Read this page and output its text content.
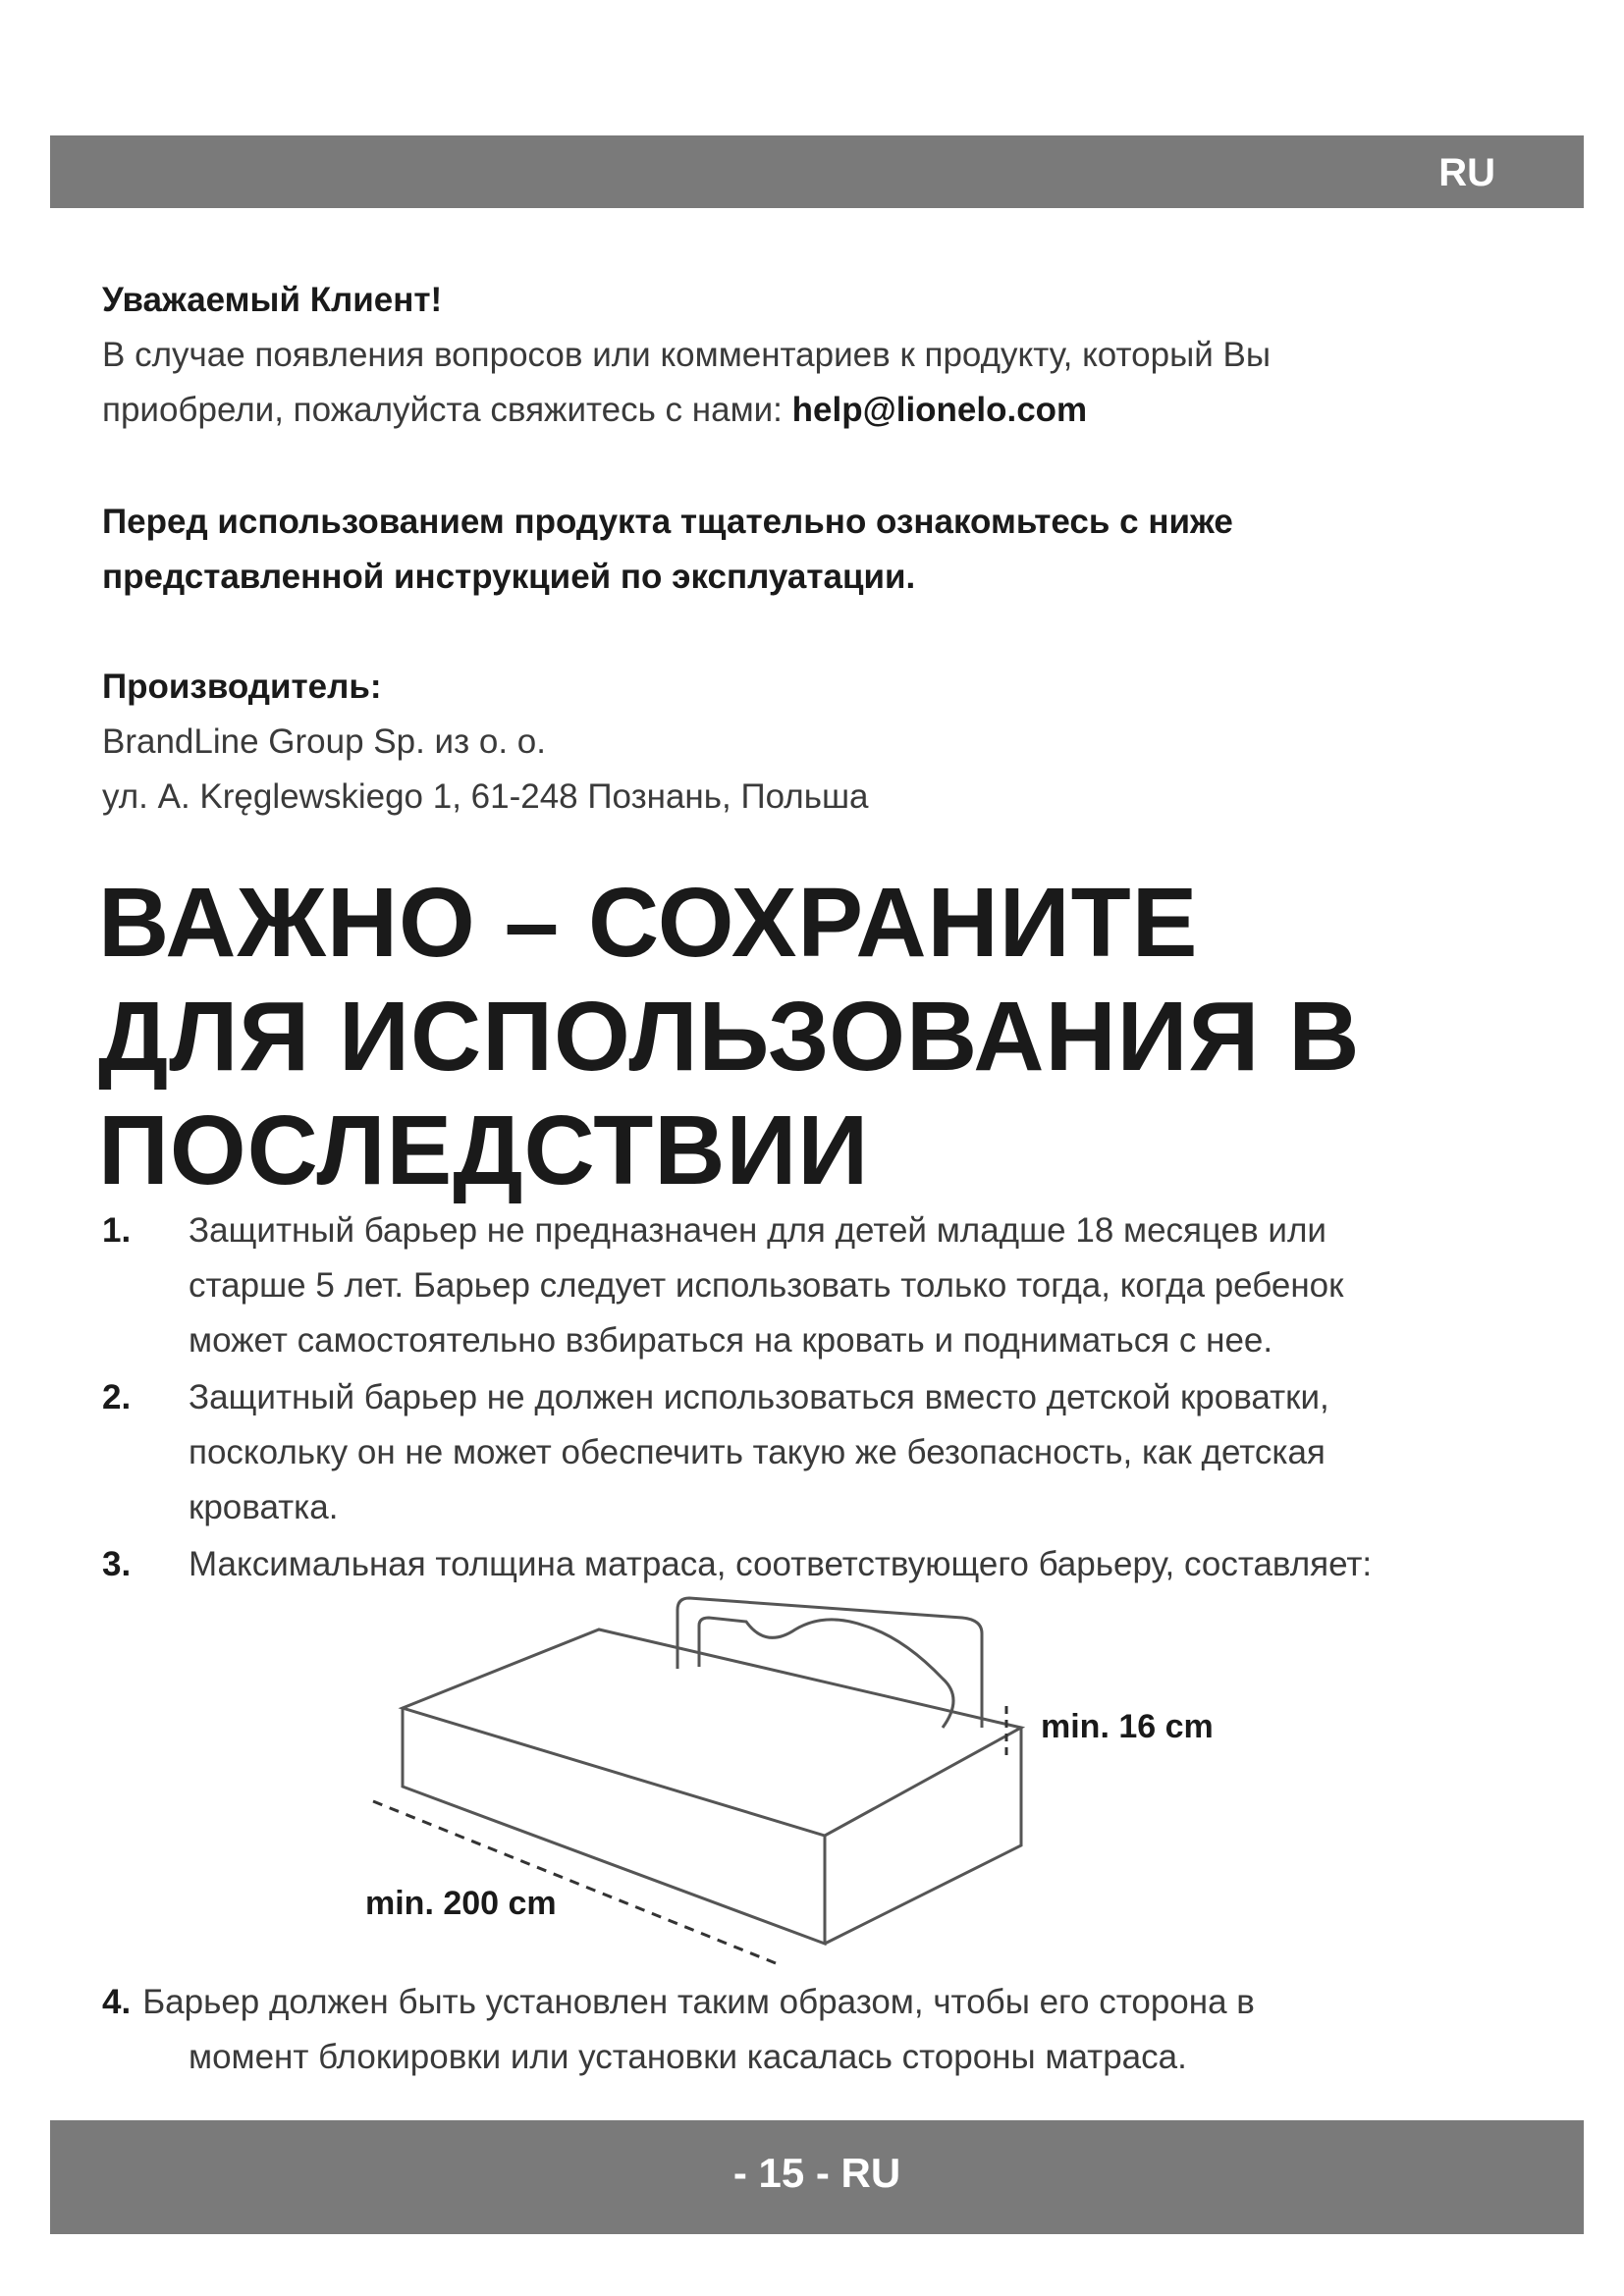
RU
Уважаемый Клиент!
В случае появления вопросов или комментариев к продукту, который Вы
приобрели, пожалуйста свяжитесь с нами: help@lionelo.com
Перед использованием продукта тщательно ознакомьтесь с ниже
представленной инструкцией по эксплуатации.
Производитель:
BrandLine Group Sp. из о. о.
ул. A. Kręglewskiego 1, 61-248 Познань, Польша
ВАЖНО – СОХРАНИТЕ
ДЛЯ ИСПОЛЬЗОВАНИЯ В
ПОСЛЕДСТВИИ
1. Защитный барьер не предназначен для детей младше 18 месяцев или
старше 5 лет. Барьер следует использовать только тогда, когда ребенок
может самостоятельно взбираться на кровать и подниматься с нее.
2. Защитный барьер не должен использоваться вместо детской кроватки,
поскольку он не может обеспечить такую же безопасность, как детская
кроватка.
3. Максимальная толщина матраса, соответствующего барьеру, составляет:
min. 16 cm
min. 200 cm
4. Барьер должен быть установлен таким образом, чтобы его сторона в
момент блокировки или установки касалась стороны матраса.
- 15 - RU
